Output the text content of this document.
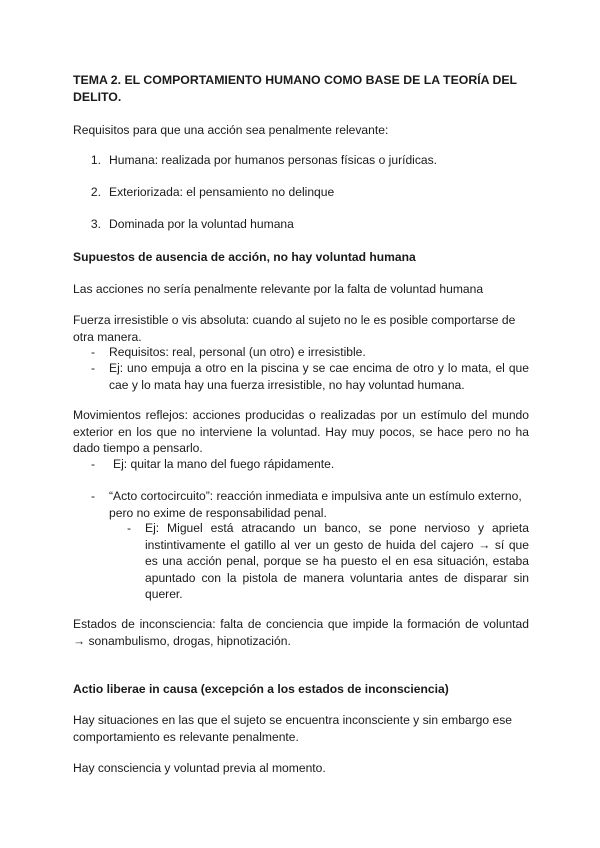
TEMA 2. EL COMPORTAMIENTO HUMANO COMO BASE DE LA TEORÍA DEL DELITO.
Requisitos para que una acción sea penalmente relevante:
1. Humana: realizada por humanos personas físicas o jurídicas.
2. Exteriorizada: el pensamiento no delinque
3. Dominada por la voluntad humana
Supuestos de ausencia de acción, no hay voluntad humana
Las acciones no sería penalmente relevante por la falta de voluntad humana
Fuerza irresistible o vis absoluta: cuando al sujeto no le es posible comportarse de otra manera.
- Requisitos: real, personal (un otro) e irresistible.
- Ej: uno empuja a otro en la piscina y se cae encima de otro y lo mata, el que cae y lo mata hay una fuerza irresistible, no hay voluntad humana.
Movimientos reflejos: acciones producidas o realizadas por un estímulo del mundo exterior en los que no interviene la voluntad. Hay muy pocos, se hace pero no ha dado tiempo a pensarlo.
- Ej: quitar la mano del fuego rápidamente.
- “Acto cortocircuito”: reacción inmediata e impulsiva ante un estímulo externo, pero no exime de responsabilidad penal.
- Ej: Miguel está atracando un banco, se pone nervioso y aprieta instintivamente el gatillo al ver un gesto de huida del cajero → sí que es una acción penal, porque se ha puesto el en esa situación, estaba apuntado con la pistola de manera voluntaria antes de disparar sin querer.
Estados de inconsciencia: falta de conciencia que impide la formación de voluntad → sonambulismo, drogas, hipnotización.
Actio liberae in causa (excepción a los estados de inconsciencia)
Hay situaciones en las que el sujeto se encuentra inconsciente y sin embargo ese comportamiento es relevante penalmente.
Hay consciencia y voluntad previa al momento.
